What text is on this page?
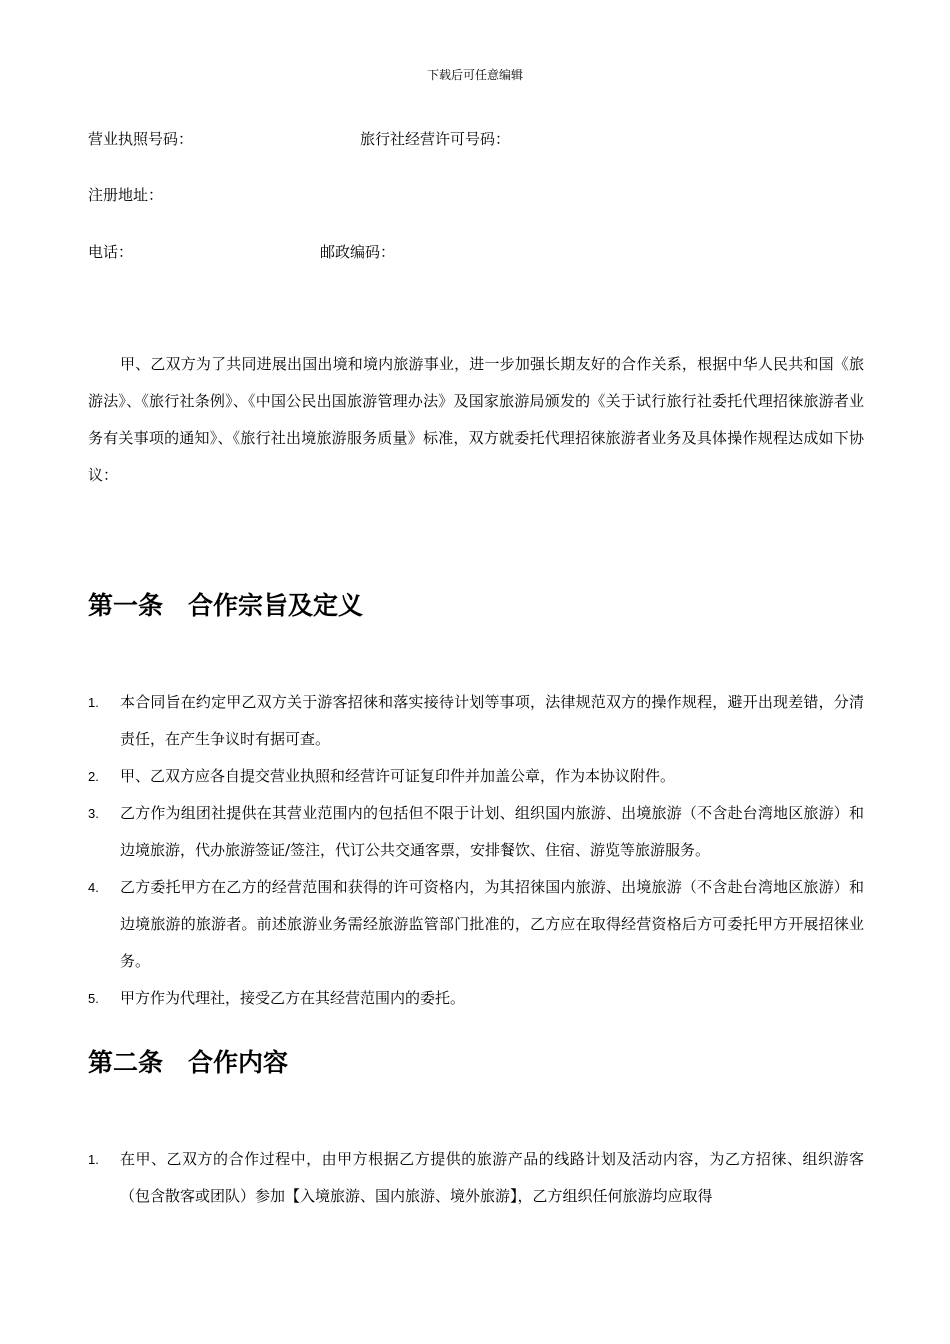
下载后可任意编辑
营业执照号码：	旅行社经营许可号码：
注册地址：
电话：	邮政编码：

甲、乙双方为了共同进展出国出境和境内旅游事业，进一步加强长期友好的合作关系，根据中华人民共和国《旅游法》、《旅行社条例》、《中国公民出国旅游管理办法》及国家旅游局颁发的《关于试行旅行社委托代理招徕旅游者业务有关事项的通知》、《旅行社出境旅游服务质量》标准，双方就委托代理招徕旅游者业务及具体操作规程达成如下协议：

第一条　合作宗旨及定义
1. 本合同旨在约定甲乙双方关于游客招徕和落实接待计划等事项，法律规范双方的操作规程，避开出现差错，分清责任，在产生争议时有据可查。
2. 甲、乙双方应各自提交营业执照和经营许可证复印件并加盖公章，作为本协议附件。
3. 乙方作为组团社提供在其营业范围内的包括但不限于计划、组织国内旅游、出境旅游（不含赴台湾地区旅游）和边境旅游，代办旅游签证/签注，代订公共交通客票，安排餐饮、住宿、游览等旅游服务。
4. 乙方委托甲方在乙方的经营范围和获得的许可资格内，为其招徕国内旅游、出境旅游（不含赴台湾地区旅游）和边境旅游的旅游者。前述旅游业务需经旅游监管部门批准的，乙方应在取得经营资格后方可委托甲方开展招徕业务。
5. 甲方作为代理社，接受乙方在其经营范围内的委托。
第二条　合作内容
1. 在甲、乙双方的合作过程中，由甲方根据乙方提供的旅游产品的线路计划及活动内容，为乙方招徕、组织游客（包含散客或团队）参加【入境旅游、国内旅游、境外旅游】，乙方组织任何旅游均应取得
